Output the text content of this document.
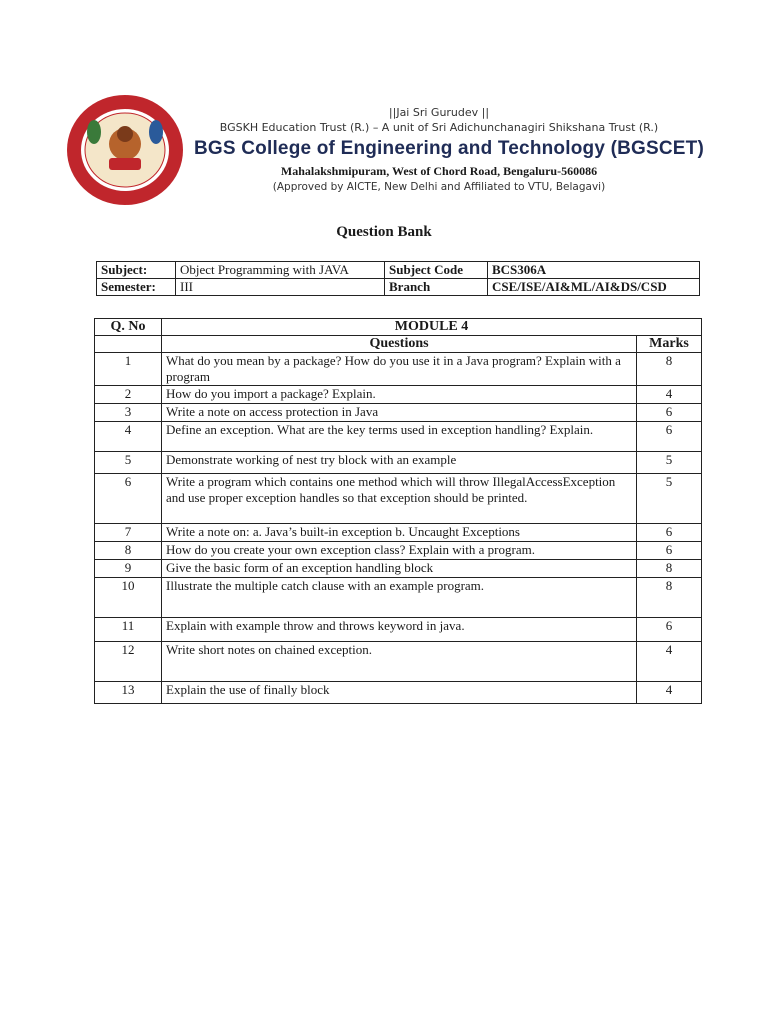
||Jai Sri Gurudev ||
BGSKH Education Trust (R.) – A unit of Sri Adichunchanagiri Shikshana Trust (R.)
BGS College of Engineering and Technology (BGSCET)
Mahalakshmipuram, West of Chord Road, Bengaluru-560086
(Approved by AICTE, New Delhi and Affiliated to VTU, Belagavi)
Question Bank
Subject:	Object Programming with JAVA	Subject Code	BCS306A
Semester:	III	Branch	CSE/ISE/AI&ML/AI&DS/CSD
Q. No	MODULE 4	
	Questions	Marks
1	What do you mean by a package? How do you use it in a Java program? Explain with a program	8
2	How do you import a package? Explain.	4
3	Write a note on access protection in Java	6
4	Define an exception. What are the key terms used in exception handling? Explain.	6
5	Demonstrate working of nest try block with an example	5
6	Write a program which contains one method which will throw IllegalAccessException and use proper exception handles so that exception should be printed.	5
7	Write a note on: a. Java’s built-in exception b. Uncaught Exceptions	6
8	How do you create your own exception class? Explain with a program.	6
9	Give the basic form of an exception handling block	8
10	Illustrate the multiple catch clause with an example program.	8
11	Explain with example throw and throws keyword in java.	6
12	Write short notes on chained exception.	4
13	Explain the use of finally block	4
